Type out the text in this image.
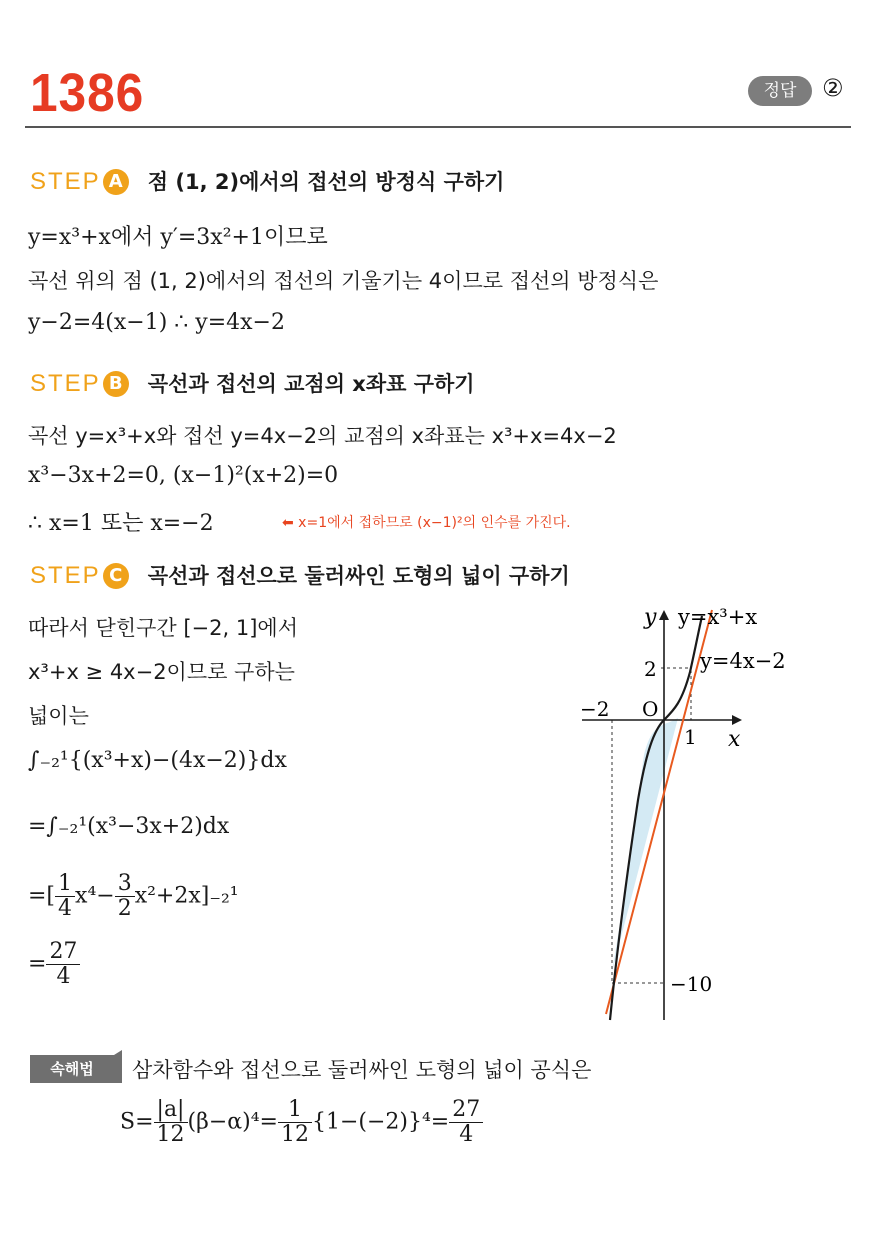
1386	정답	②
STEP A 점 (1, 2)에서의 접선의 방정식 구하기
y=x³+x에서 y′=3x²+1이므로
곡선 위의 점 (1, 2)에서의 접선의 기울기는 4이므로 접선의 방정식은
y−2=4(x−1) ∴ y=4x−2
STEP B 곡선과 접선의 교점의 x좌표 구하기
곡선 y=x³+x와 접선 y=4x−2의 교점의 x좌표는 x³+x=4x−2
x³−3x+2=0, (x−1)²(x+2)=0
∴ x=1 또는 x=−2	⬅ x=1에서 접하므로 (x−1)²의 인수를 가진다.
STEP C 곡선과 접선으로 둘러싸인 도형의 넓이 구하기
따라서 닫힌구간 [−2, 1]에서
x³+x ≥ 4x−2이므로 구하는
넓이는
∫₋₂¹{(x³+x)−(4x−2)}dx
=∫₋₂¹(x³−3x+2)dx
=[ $\frac{1}{4} x^4- \frac{3}{2} x^2+2x]_{-2}^1$
= $\frac{27}{4}$
y
x
y=x³+x
y=4x−2
O
−2
1
2
−10
속해법	삼차함수와 접선으로 둘러싸인 도형의 넓이 공식은
$S= \frac{|a|}{12} (\beta-\alpha)^4= \frac{1}{12} \{1-(-2)\}^4= \frac{27}{4}$
